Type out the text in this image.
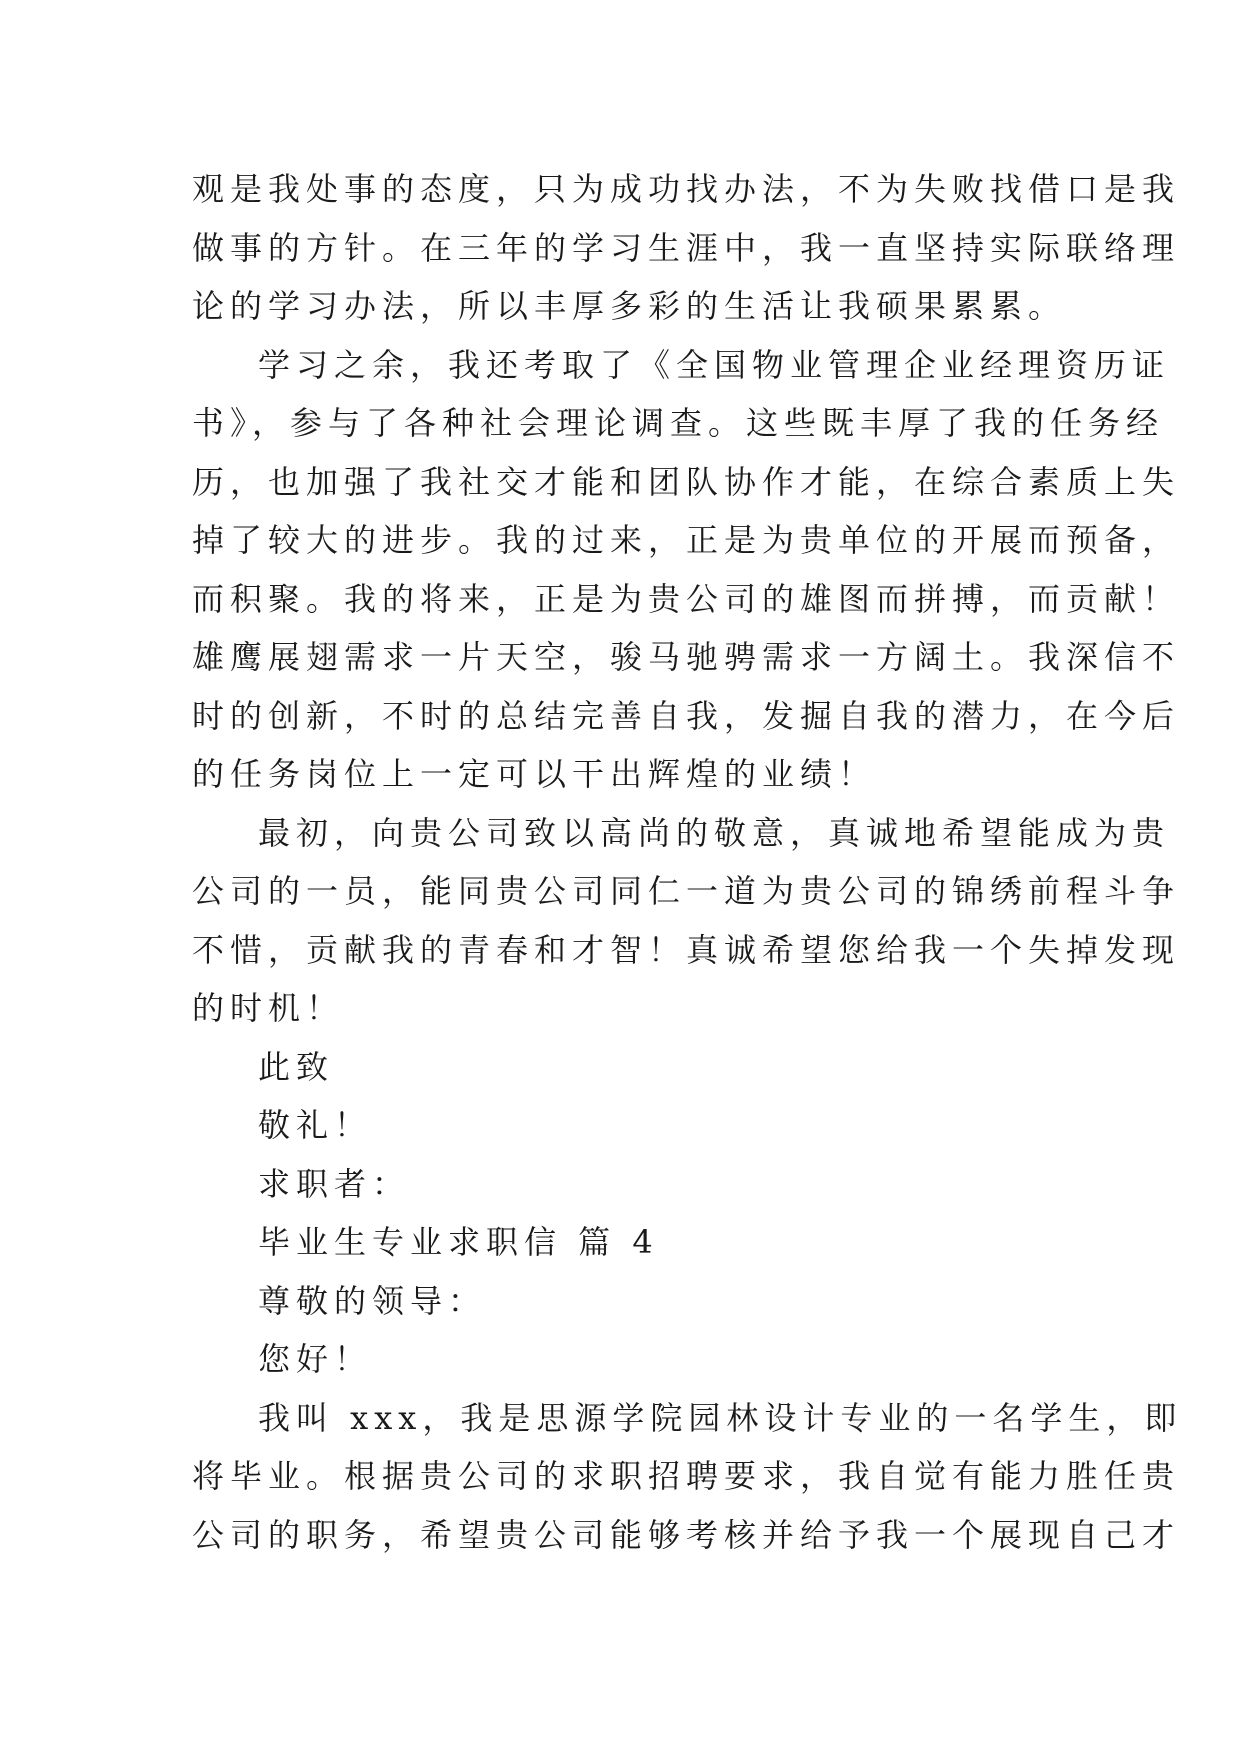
观是我处事的态度，只为成功找办法，不为失败找借口是我
做事的方针。在三年的学习生涯中，我一直坚持实际联络理
论的学习办法，所以丰厚多彩的生活让我硕果累累。
学习之余，我还考取了《全国物业管理企业经理资历证
书》，参与了各种社会理论调查。这些既丰厚了我的任务经
历，也加强了我社交才能和团队协作才能，在综合素质上失
掉了较大的进步。我的过来，正是为贵单位的开展而预备，
而积聚。我的将来，正是为贵公司的雄图而拼搏，而贡献！
雄鹰展翅需求一片天空，骏马驰骋需求一方阔土。我深信不
时的创新，不时的总结完善自我，发掘自我的潜力，在今后
的任务岗位上一定可以干出辉煌的业绩！
最初，向贵公司致以高尚的敬意，真诚地希望能成为贵
公司的一员，能同贵公司同仁一道为贵公司的锦绣前程斗争
不惜，贡献我的青春和才智！真诚希望您给我一个失掉发现
的时机！
此致
敬礼！
求职者：
毕业生专业求职信 篇 4
尊敬的领导：
您好！
我叫 xxx，我是思源学院园林设计专业的一名学生，即
将毕业。根据贵公司的求职招聘要求，我自觉有能力胜任贵
公司的职务，希望贵公司能够考核并给予我一个展现自己才
